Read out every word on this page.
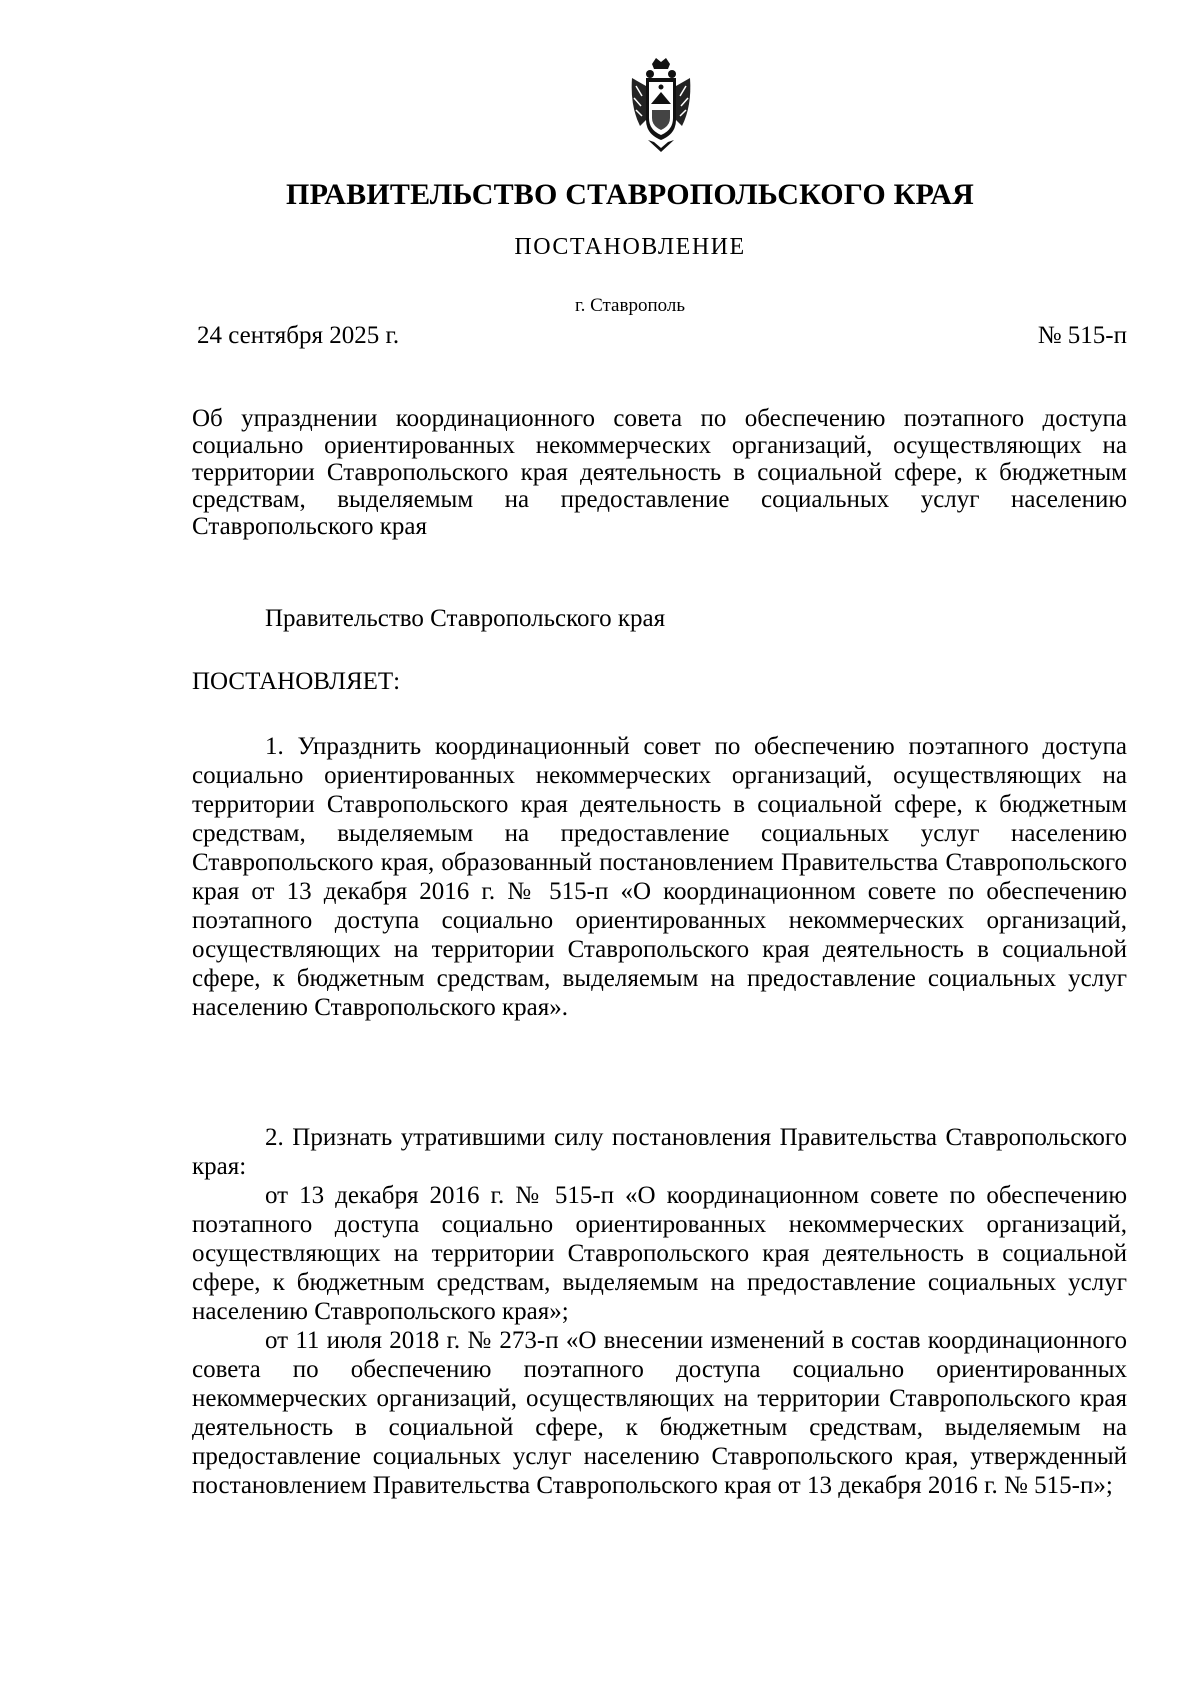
ПРАВИТЕЛЬСТВО СТАВРОПОЛЬСКОГО КРАЯ
ПОСТАНОВЛЕНИЕ
г. Ставрополь
24 сентября 2025 г.	№ 515-п
Об упразднении координационного совета по обеспечению поэтапного доступа социально ориентированных некоммерческих организаций, осуществляющих на территории Ставропольского края деятельность в социальной сфере, к бюджетным средствам, выделяемым на предоставление социальных услуг населению Ставропольского края
Правительство Ставропольского края
ПОСТАНОВЛЯЕТ:
1. Упразднить координационный совет по обеспечению поэтапного доступа социально ориентированных некоммерческих организаций, осуществляющих на территории Ставропольского края деятельность в социальной сфере, к бюджетным средствам, выделяемым на предоставление социальных услуг населению Ставропольского края, образованный постановлением Правительства Ставропольского края от 13 декабря 2016 г. № 515-п «О координационном совете по обеспечению поэтапного доступа социально ориентированных некоммерческих организаций, осуществляющих на территории Ставропольского края деятельность в социальной сфере, к бюджетным средствам, выделяемым на предоставление социальных услуг населению Ставропольского края».
2. Признать утратившими силу постановления Правительства Ставропольского края:
от 13 декабря 2016 г. № 515-п «О координационном совете по обеспечению поэтапного доступа социально ориентированных некоммерческих организаций, осуществляющих на территории Ставропольского края деятельность в социальной сфере, к бюджетным средствам, выделяемым на предоставление социальных услуг населению Ставропольского края»;
от 11 июля 2018 г. № 273-п «О внесении изменений в состав координационного совета по обеспечению поэтапного доступа социально ориентированных некоммерческих организаций, осуществляющих на территории Ставропольского края деятельность в социальной сфере, к бюджетным средствам, выделяемым на предоставление социальных услуг населению Ставропольского края, утвержденный постановлением Правительства Ставропольского края от 13 декабря 2016 г. № 515-п»;
